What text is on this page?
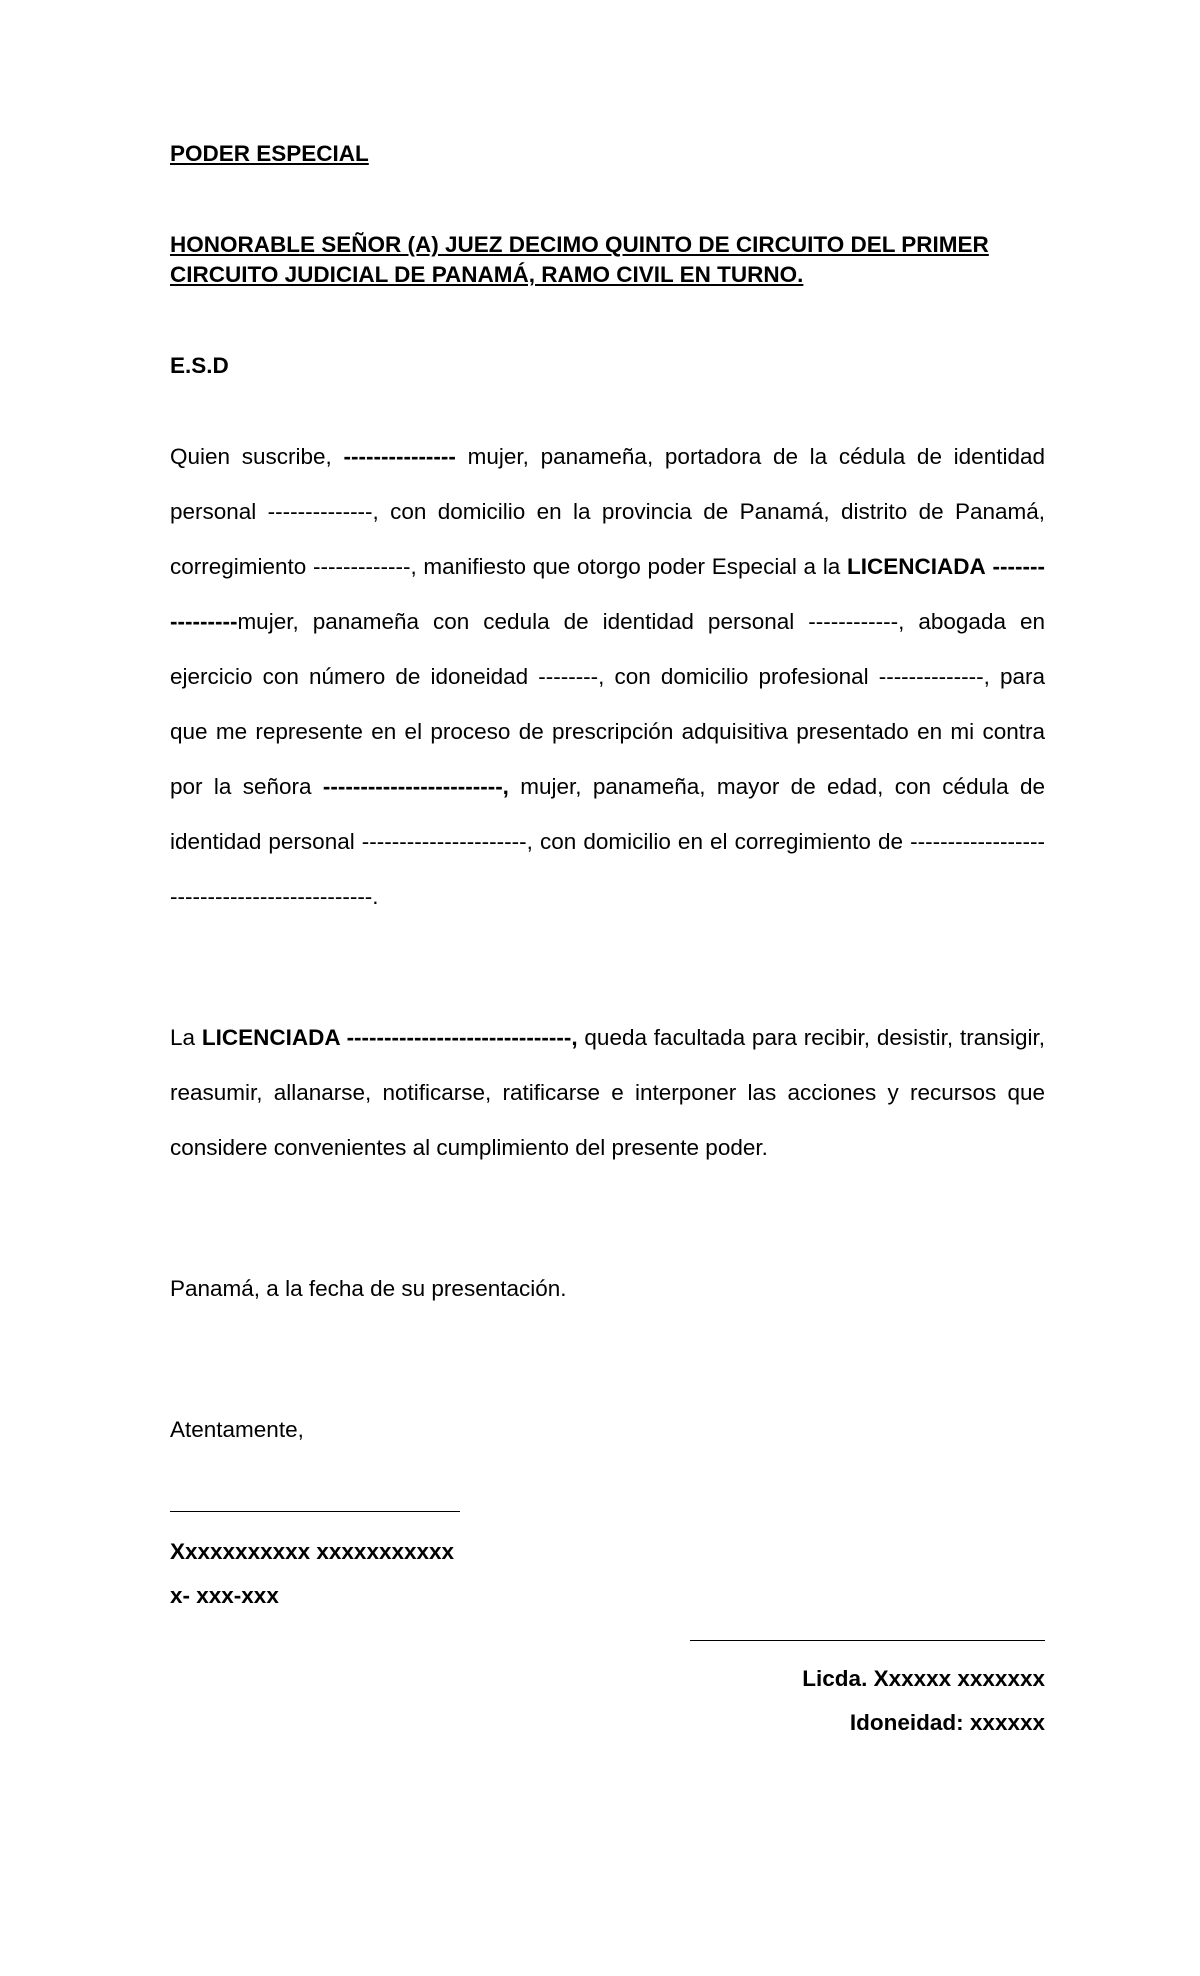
PODER ESPECIAL
HONORABLE SEÑOR (A) JUEZ DECIMO QUINTO DE CIRCUITO DEL PRIMER
CIRCUITO JUDICIAL DE PANAMÁ, RAMO CIVIL EN TURNO.
E.S.D
Quien suscribe, --------------- mujer, panameña, portadora de la cédula de identidad personal --------------, con domicilio en la provincia de Panamá, distrito de Panamá, corregimiento -------------, manifiesto que otorgo poder Especial a la LICENCIADA ----------------mujer, panameña con cedula de identidad personal ------------, abogada en ejercicio con número de idoneidad --------, con domicilio profesional --------------, para que me represente en el proceso de prescripción adquisitiva presentado en mi contra por la señora ------------------------, mujer, panameña, mayor de edad, con cédula de identidad personal ----------------------, con domicilio en el corregimiento de ---------------------------------------------.
La LICENCIADA ------------------------------, queda facultada para recibir, desistir, transigir, reasumir, allanarse, notificarse, ratificarse e interponer las acciones y recursos que considere convenientes al cumplimiento del presente poder.
Panamá, a la fecha de su presentación.
Atentamente,
Xxxxxxxxxxx xxxxxxxxxxx
x- xxx-xxx
Licda. Xxxxxx xxxxxxx
Idoneidad: xxxxxx
